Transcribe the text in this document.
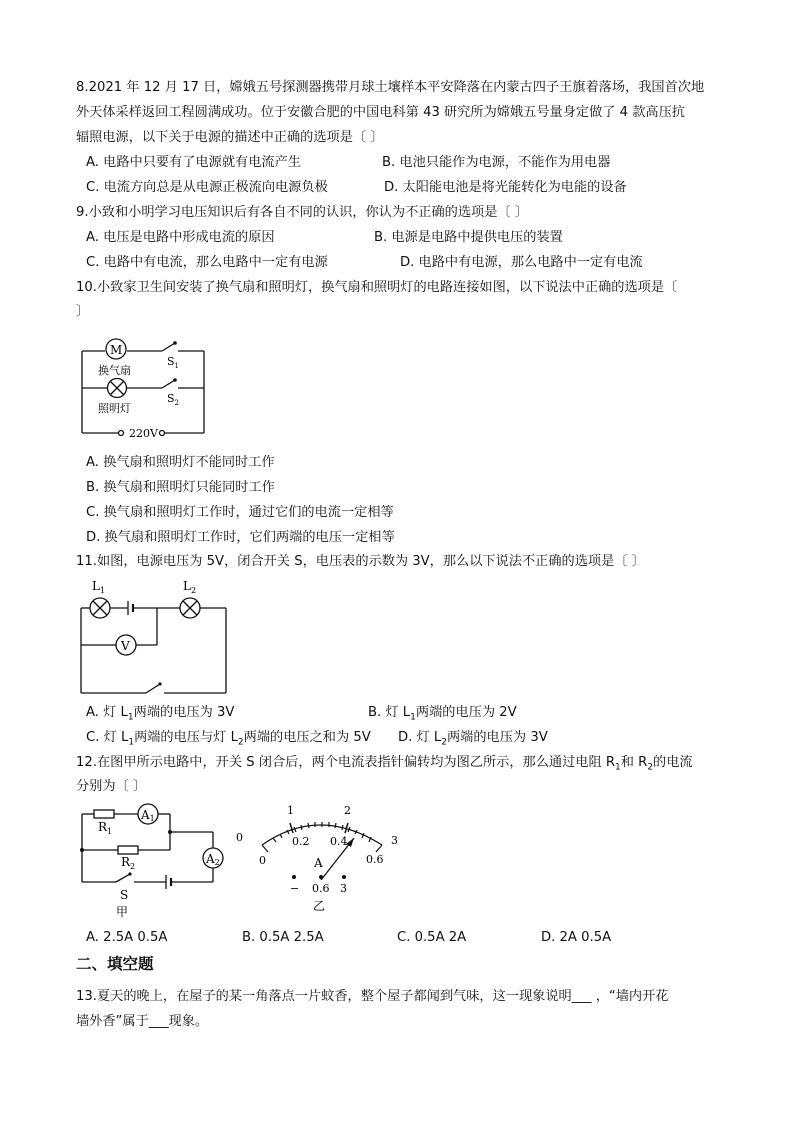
8.2021 年 12 月 17 日，嫦娥五号探测器携带月球土壤样本平安降落在内蒙古四子王旗着落场，我国首次地
外天体采样返回工程圆满成功。位于安徽合肥的中国电科第 43 研究所为嫦娥五号量身定做了 4 款高压抗
辐照电源，以下关于电源的描述中正确的选项是〔 〕
A. 电路中只要有了电源就有电流产生	B. 电池只能作为电源，不能作为用电器
C. 电流方向总是从电源正极流向电源负极	D. 太阳能电池是将光能转化为电能的设备
9.小致和小明学习电压知识后有各自不同的认识，你认为不正确的选项是〔 〕
A. 电压是电路中形成电流的原因	B. 电源是电路中提供电压的装置
C. 电路中有电流，那么电路中一定有电源	D. 电路中有电源，那么电路中一定有电流
10.小致家卫生间安装了换气扇和照明灯，换气扇和照明灯的电路连接如图，以下说法中正确的选项是〔
〕
M
$S_1$
$S_2$
换气扇
照明灯
220V
A. 换气扇和照明灯不能同时工作
B. 换气扇和照明灯只能同时工作
C. 换气扇和照明灯工作时，通过它们的电流一定相等
D. 换气扇和照明灯工作时，它们两端的电压一定相等
11.如图，电源电压为 5V，闭合开关 S，电压表的示数为 3V，那么以下说法不正确的选项是〔 〕
V
$L_1$	$L_2$
A. 灯 $L_1$两端的电压为 3V	B. 灯 $L_1$两端的电压为 2V
C. 灯 $L_1$两端的电压与灯 $L_2$两端的电压之和为 5V D. 灯 $L_2$两端的电压为 3V
12.在图甲所示电路中，开关 S 闭合后，两个电流表指针偏转均为图乙所示，那么通过电阻 $R_1$和 $R_2$的电流
分别为〔 〕
A1
A2
$R_1$
$R_2$
S
甲
0
1	2
3
0
0.2 0.4
0.6
A
− 0.6 3
乙
A. 2.5A 0.5A	B. 0.5A 2.5A	C. 0.5A 2A	D. 2A 0.5A
二、填空题
13.夏天的晚上，在屋子的某一角落点一片蚊香，整个屋子都闻到气味，这一现象说明___ ，“墙内开花
墙外香”属于___现象。
